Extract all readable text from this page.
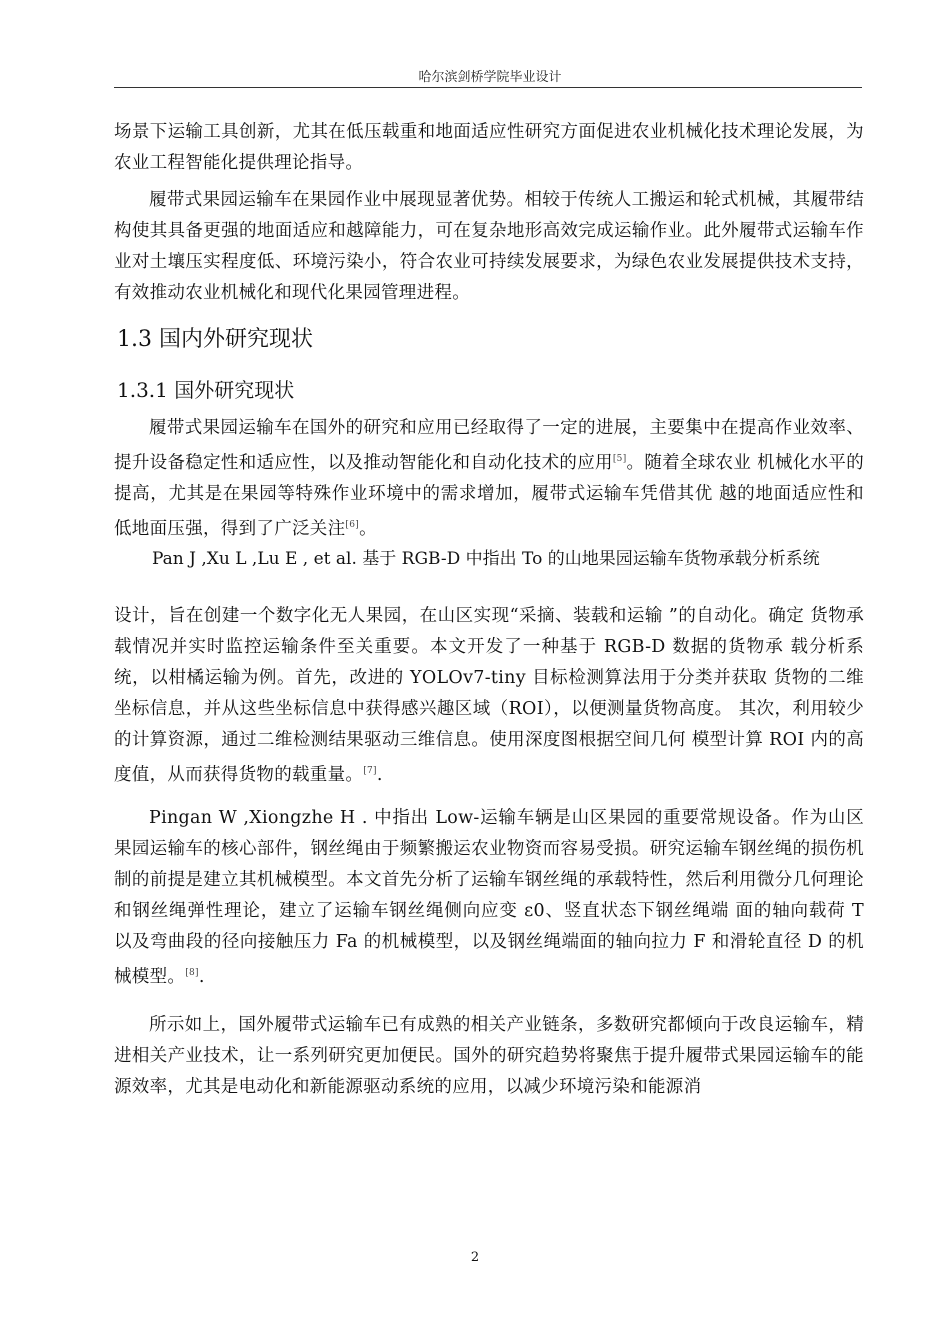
哈尔滨剑桥学院毕业设计

场景下运输工具创新，尤其在低压载重和地面适应性研究方面促进农业机械化技术理论发展，为农业工程智能化提供理论指导。

履带式果园运输车在果园作业中展现显著优势。相较于传统人工搬运和轮式机械，其履带结构使其具备更强的地面适应和越障能力，可在复杂地形高效完成运输作业。此外履带式运输车作业对土壤压实程度低、环境污染小，符合农业可持续发展要求，为绿色农业发展提供技术支持，有效推动农业机械化和现代化果园管理进程。

1.3 国内外研究现状
1.3.1 国外研究现状

履带式果园运输车在国外的研究和应用已经取得了一定的进展，主要集中在提高作业效率、提升设备稳定性和适应性，以及推动智能化和自动化技术的应用[5]。随着全球农业 机械化水平的提高，尤其是在果园等特殊作业环境中的需求增加，履带式运输车凭借其优 越的地面适应性和低地面压强，得到了广泛关注[6]。

Pan J ,Xu L ,Lu E , et al. 基于 RGB-D 中指出 To 的山地果园运输车货物承载分析系统

设计，旨在创建一个数字化无人果园，在山区实现“采摘、装载和运输 ”的自动化。确定 货物承载情况并实时监控运输条件至关重要。本文开发了一种基于 RGB-D 数据的货物承 载分析系统，以柑橘运输为例。首先，改进的 YOLOv7-tiny 目标检测算法用于分类并获取 货物的二维坐标信息，并从这些坐标信息中获得感兴趣区域（ROI），以便测量货物高度。 其次，利用较少的计算资源，通过二维检测结果驱动三维信息。使用深度图根据空间几何 模型计算 ROI 内的高度值，从而获得货物的载重量。[7].

Pingan W ,Xiongzhe H . 中指出 Low-运输车辆是山区果园的重要常规设备。作为山区果园运输车的核心部件，钢丝绳由于频繁搬运农业物资而容易受损。研究运输车钢丝绳的损伤机制的前提是建立其机械模型。本文首先分析了运输车钢丝绳的承载特性，然后利用微分几何理论和钢丝绳弹性理论，建立了运输车钢丝绳侧向应变 ε0、竖直状态下钢丝绳端 面的轴向载荷 T 以及弯曲段的径向接触压力 Fa 的机械模型，以及钢丝绳端面的轴向拉力 F 和滑轮直径 D 的机械模型。[8].

所示如上，国外履带式运输车已有成熟的相关产业链条，多数研究都倾向于改良运输车，精进相关产业技术，让一系列研究更加便民。国外的研究趋势将聚焦于提升履带式果园运输车的能源效率，尤其是电动化和新能源驱动系统的应用，以减少环境污染和能源消

2
